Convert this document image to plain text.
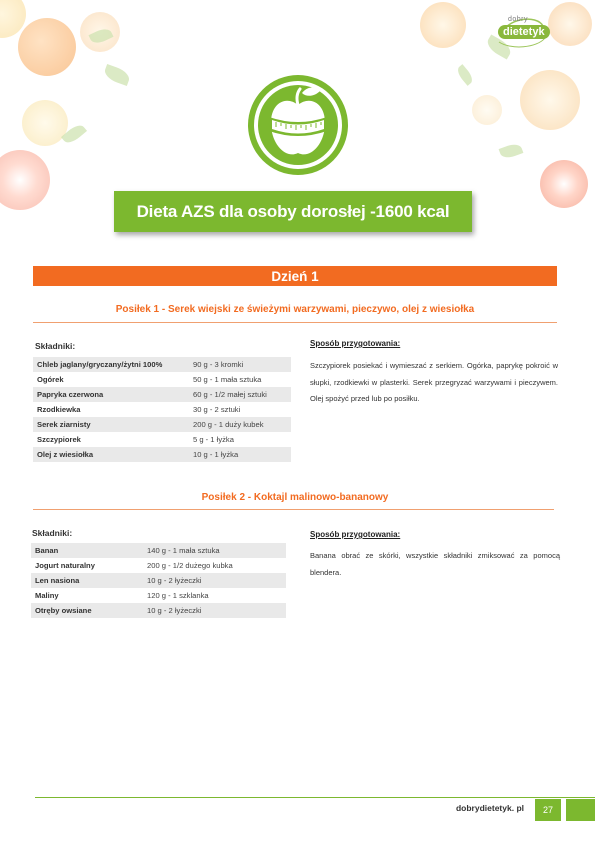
dobry
dietetyk
Dieta AZS dla osoby dorosłej -1600 kcal
Dzień 1
Posiłek 1 - Serek wiejski ze świeżymi warzywami, pieczywo, olej z wiesiołka
Składniki:
Chleb jaglany/gryczany/żytni 100%	90 g - 3 kromki
Ogórek	50 g - 1 mała sztuka
Papryka czerwona	60 g - 1/2 małej sztuki
Rzodkiewka	30 g - 2 sztuki
Serek ziarnisty	200 g - 1 duży kubek
Szczypiorek	5 g - 1 łyżka
Olej z wiesiołka	10 g - 1 łyżka
Sposób przygotowania:
Szczypiorek posiekać i wymieszać z serkiem. Ogórka, paprykę pokroić w słupki, rzodkiewki w plasterki. Serek przegryzać warzywami i pieczywem. Olej spożyć przed lub po posiłku.
Posiłek 2 - Koktajl malinowo-bananowy
Składniki:
Banan	140 g - 1 mała sztuka
Jogurt naturalny	200 g - 1/2 dużego kubka
Len nasiona	10 g - 2 łyżeczki
Maliny	120 g - 1 szklanka
Otręby owsiane	10 g - 2 łyżeczki
Sposób przygotowania:
Banana obrać ze skórki, wszystkie składniki zmiksować za pomocą blendera.
dobrydietetyk. pl	27
